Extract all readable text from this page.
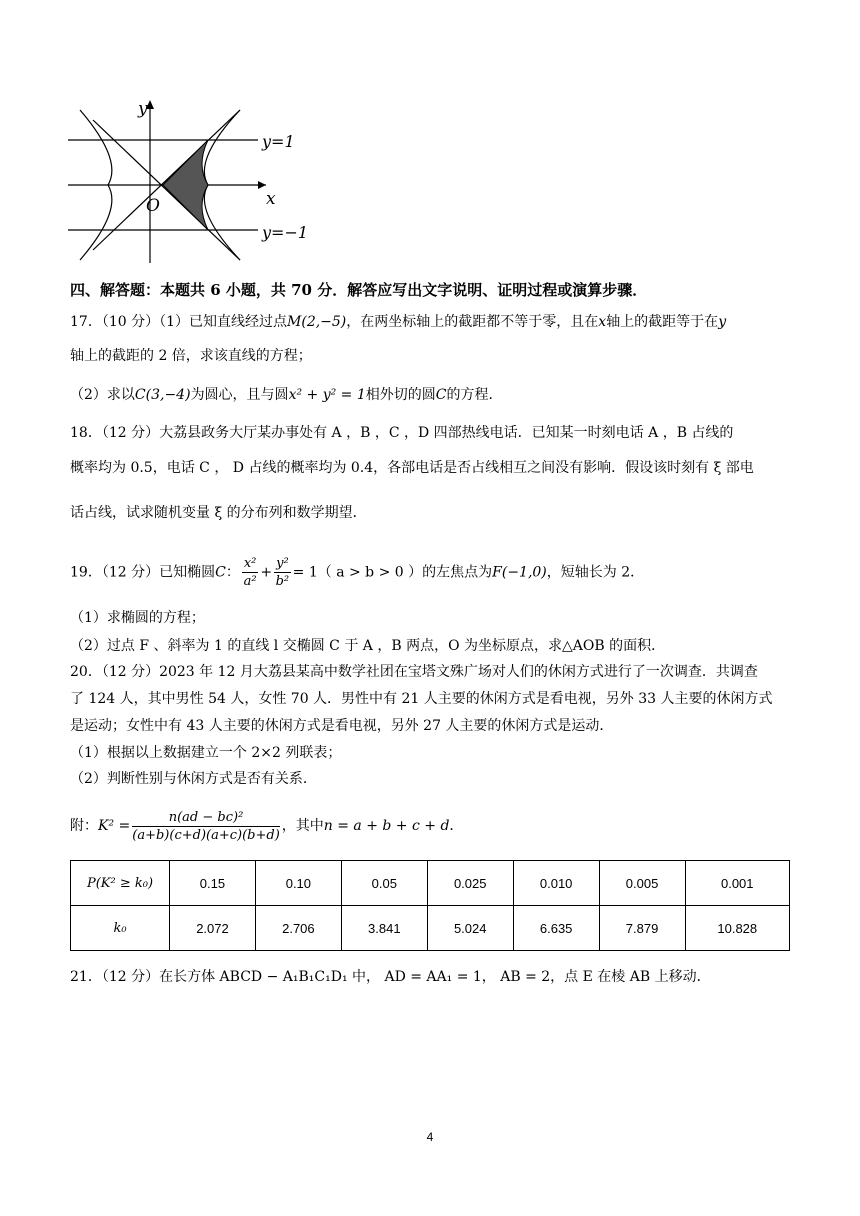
y
x
O
y=1
y=−1
四、解答题：本题共 6 小题，共 70 分．解答应写出文字说明、证明过程或演算步骤．
17．（10 分）（1）已知直线经过点M(2,−5)，在两坐标轴上的截距都不等于零，且在x轴上的截距等于在y
轴上的截距的 2 倍，求该直线的方程；
（2）求以C(3,−4)为圆心，且与圆x² + y² = 1相外切的圆C的方程．
18．（12 分）大荔县政务大厅某办事处有 A ，B ，C ，D 四部热线电话．已知某一时刻电话 A ，B 占线的
概率均为 0.5，电话 C ， D 占线的概率均为 0.4，各部电话是否占线相互之间没有影响．假设该时刻有 ξ 部电
话占线，试求随机变量 ξ 的分布列和数学期望．
19．（12 分）已知椭圆C： $\frac{\text{x²}}{\text{a²}} + \frac{\text{y²}}{\text{b²}} = 1$（ a > b > 0 ）的左焦点为F(−1,0)，短轴长为 2．
（1）求椭圆的方程；
（2）过点 F 、斜率为 1 的直线 l 交椭圆 C 于 A ，B 两点，O 为坐标原点，求△AOB 的面积．
20．（12 分）2023 年 12 月大荔县某高中数学社团在宝塔文殊广场对人们的休闲方式进行了一次调查．共调查
了 124 人，其中男性 54 人，女性 70 人．男性中有 21 人主要的休闲方式是看电视，另外 33 人主要的休闲方式
是运动；女性中有 43 人主要的休闲方式是看电视，另外 27 人主要的休闲方式是运动．
（1）根据以上数据建立一个 2×2 列联表；
（2）判断性别与休闲方式是否有关系．
附：$K^2 = \frac{\text{n(ad − bc)²}}{(a+b)(c+d)(a+c)(b+d)}$ ，其中n = a + b + c + d．
P(K² ≥ k₀)	0.15	0.10	0.05	0.025	0.010	0.005	0.001
k₀	2.072	2.706	3.841	5.024	6.635	7.879	10.828
21．（12 分）在长方体 ABCD − A₁B₁C₁D₁ 中， AD = AA₁ = 1， AB = 2，点 E 在棱 AB 上移动．
4
